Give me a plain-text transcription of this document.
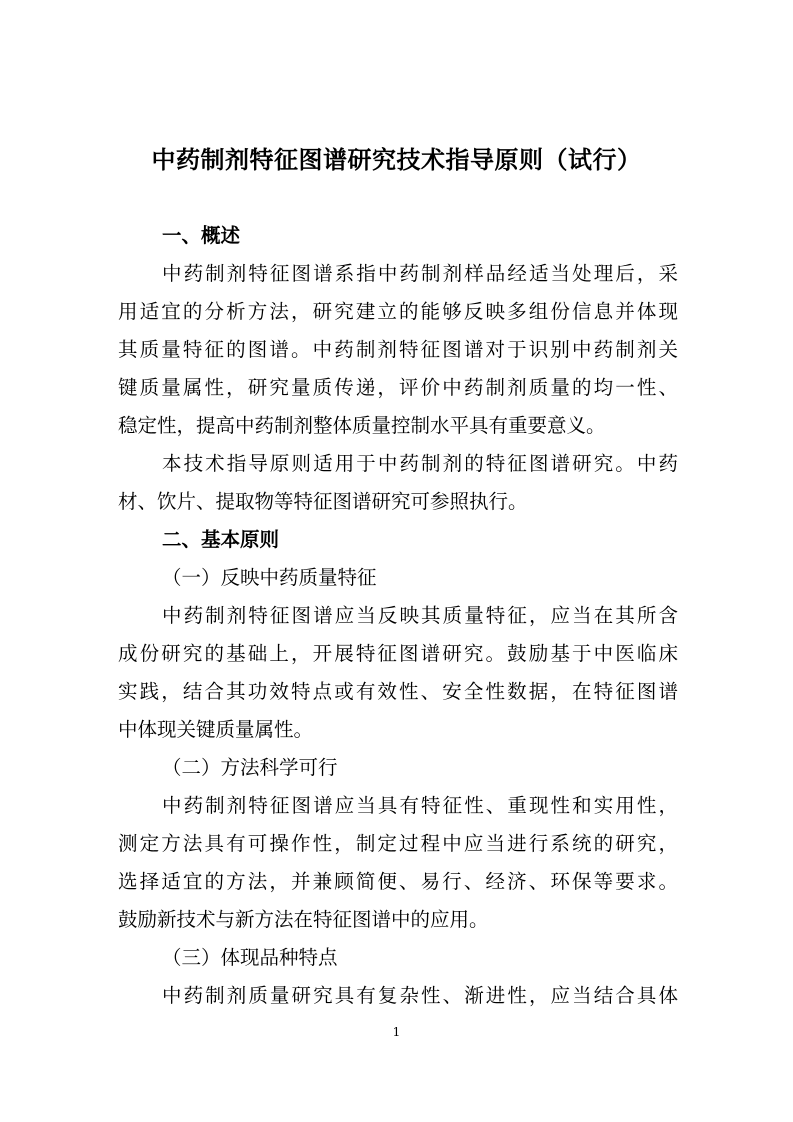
中药制剂特征图谱研究技术指导原则（试行）
一、概述
中药制剂特征图谱系指中药制剂样品经适当处理后，采
用适宜的分析方法，研究建立的能够反映多组份信息并体现
其质量特征的图谱。中药制剂特征图谱对于识别中药制剂关
键质量属性，研究量质传递，评价中药制剂质量的均一性、
稳定性，提高中药制剂整体质量控制水平具有重要意义。
本技术指导原则适用于中药制剂的特征图谱研究。中药
材、饮片、提取物等特征图谱研究可参照执行。
二、基本原则
（一）反映中药质量特征
中药制剂特征图谱应当反映其质量特征，应当在其所含
成份研究的基础上，开展特征图谱研究。鼓励基于中医临床
实践，结合其功效特点或有效性、安全性数据，在特征图谱
中体现关键质量属性。
（二）方法科学可行
中药制剂特征图谱应当具有特征性、重现性和实用性，
测定方法具有可操作性，制定过程中应当进行系统的研究，
选择适宜的方法，并兼顾简便、易行、经济、环保等要求。
鼓励新技术与新方法在特征图谱中的应用。
（三）体现品种特点
中药制剂质量研究具有复杂性、渐进性，应当结合具体
1
